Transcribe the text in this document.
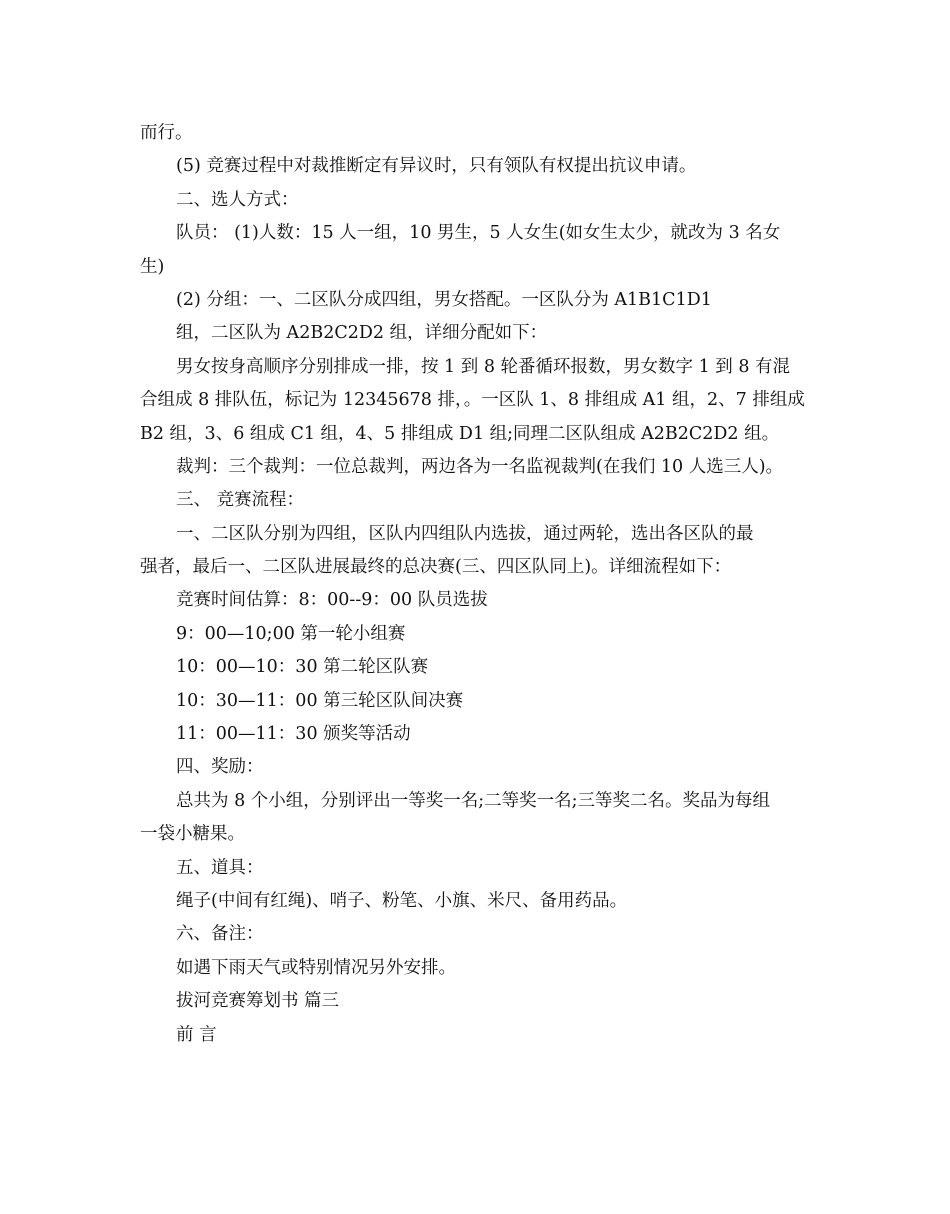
而行。
(5) 竞赛过程中对裁推断定有异议时，只有领队有权提出抗议申请。
二、选人方式：
队员： (1)人数：15 人一组，10 男生，5 人女生(如女生太少，就改为 3 名女
生)
(2) 分组：一、二区队分成四组，男女搭配。一区队分为 A1B1C1D1
组，二区队为 A2B2C2D2 组，详细分配如下：
男女按身高顺序分别排成一排，按 1 到 8 轮番循环报数，男女数字 1 到 8 有混
合组成 8 排队伍，标记为 12345678 排，。一区队 1、8 排组成 A1 组，2、7 排组成
B2 组，3、6 组成 C1 组，4、5 排组成 D1 组;同理二区队组成 A2B2C2D2 组。
裁判：三个裁判：一位总裁判，两边各为一名监视裁判(在我们 10 人选三人)。
三、 竞赛流程：
一、二区队分别为四组，区队内四组队内选拔，通过两轮，选出各区队的最
强者，最后一、二区队进展最终的总决赛(三、四区队同上)。详细流程如下：
竞赛时间估算：8：00--9：00 队员选拔
9：00—10;00 第一轮小组赛
10：00—10：30 第二轮区队赛
10：30—11：00 第三轮区队间决赛
11：00—11：30 颁奖等活动
四、奖励：
总共为 8 个小组，分别评出一等奖一名;二等奖一名;三等奖二名。奖品为每组
一袋小糖果。
五、道具：
绳子(中间有红绳)、哨子、粉笔、小旗、米尺、备用药品。
六、备注：
如遇下雨天气或特别情况另外安排。
拔河竞赛筹划书 篇三
前 言
